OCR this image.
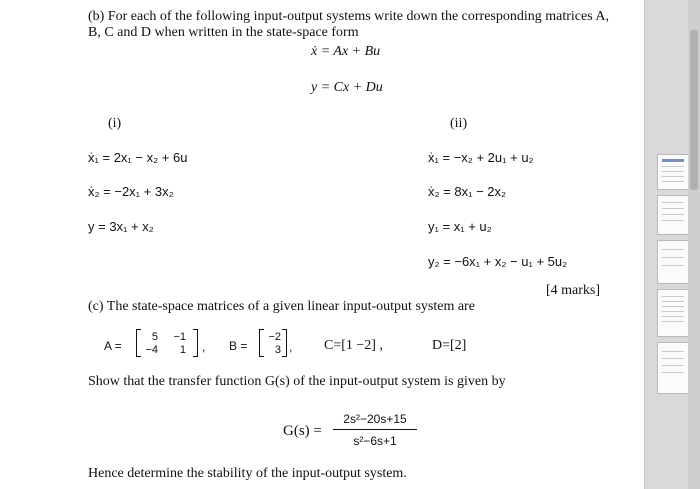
(b) For each of the following input-output systems write down the corresponding matrices A,
B, C and D when written in the state-space form
ẋ = Ax + Bu
y = Cx + Du
(i)	(ii)
ẋ₁ = 2x₁ − x₂ + 6u
ẋ₂ = −2x₁ + 3x₂
y = 3x₁ + x₂
ẋ₁ = −x₂ + 2u₁ + u₂
ẋ₂ = 8x₁ − 2x₂
y₁ = x₁ + u₂
y₂ = −6x₁ + x₂ − u₁ + 5u₂
[4 marks]
(c) The state-space matrices of a given linear input-output system are
A =
5	−1
−4	1 , B =
−2
3 , C=[1 −2] ,	D=[2]
Show that the transfer function G(s) of the input-output system is given by
G(s) =
2s²−20s+15
s²−6s+1
Hence determine the stability of the input-output system.
